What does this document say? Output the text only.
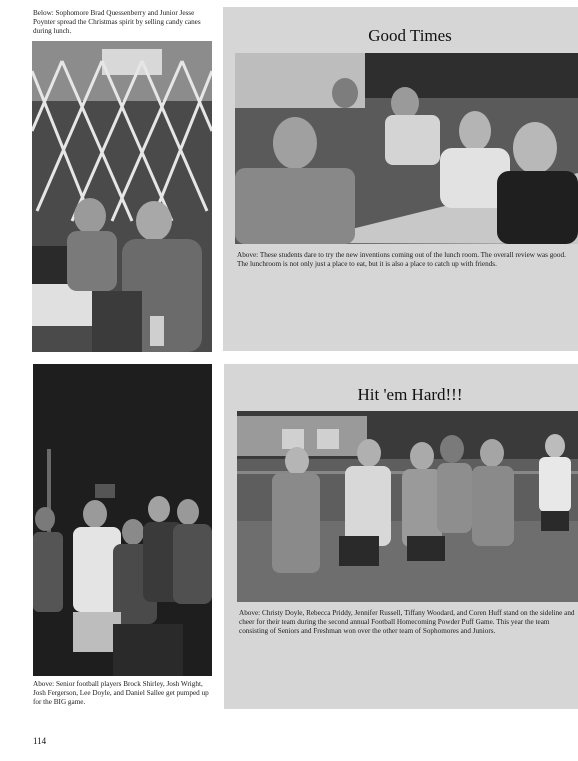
Below: Sophomore Brad Quessenberry and Junior Jesse Poynter spread the Christmas spirit by selling candy canes during lunch.	Good Times
Above: These students dare to try the new inventions coming out of the lunch room. The overall review was good. The lunchroom is not only just a place to eat, but it is also a place to catch up with friends.
Above: Senior football players Brock Shirley, Josh Wright, Josh Fergerson, Lee Doyle, and Daniel Sallee get pumped up for the BIG game.
Hit 'em Hard!!!
Above: Christy Doyle, Rebecca Priddy, Jennifer Russell, Tiffany Woodard, and Coren Huff stand on the sideline and cheer for their team during the second annual Football Homecoming Powder Puff Game. This year the team consisting of Seniors and Freshman won over the other team of Sophomores and Juniors.
114
